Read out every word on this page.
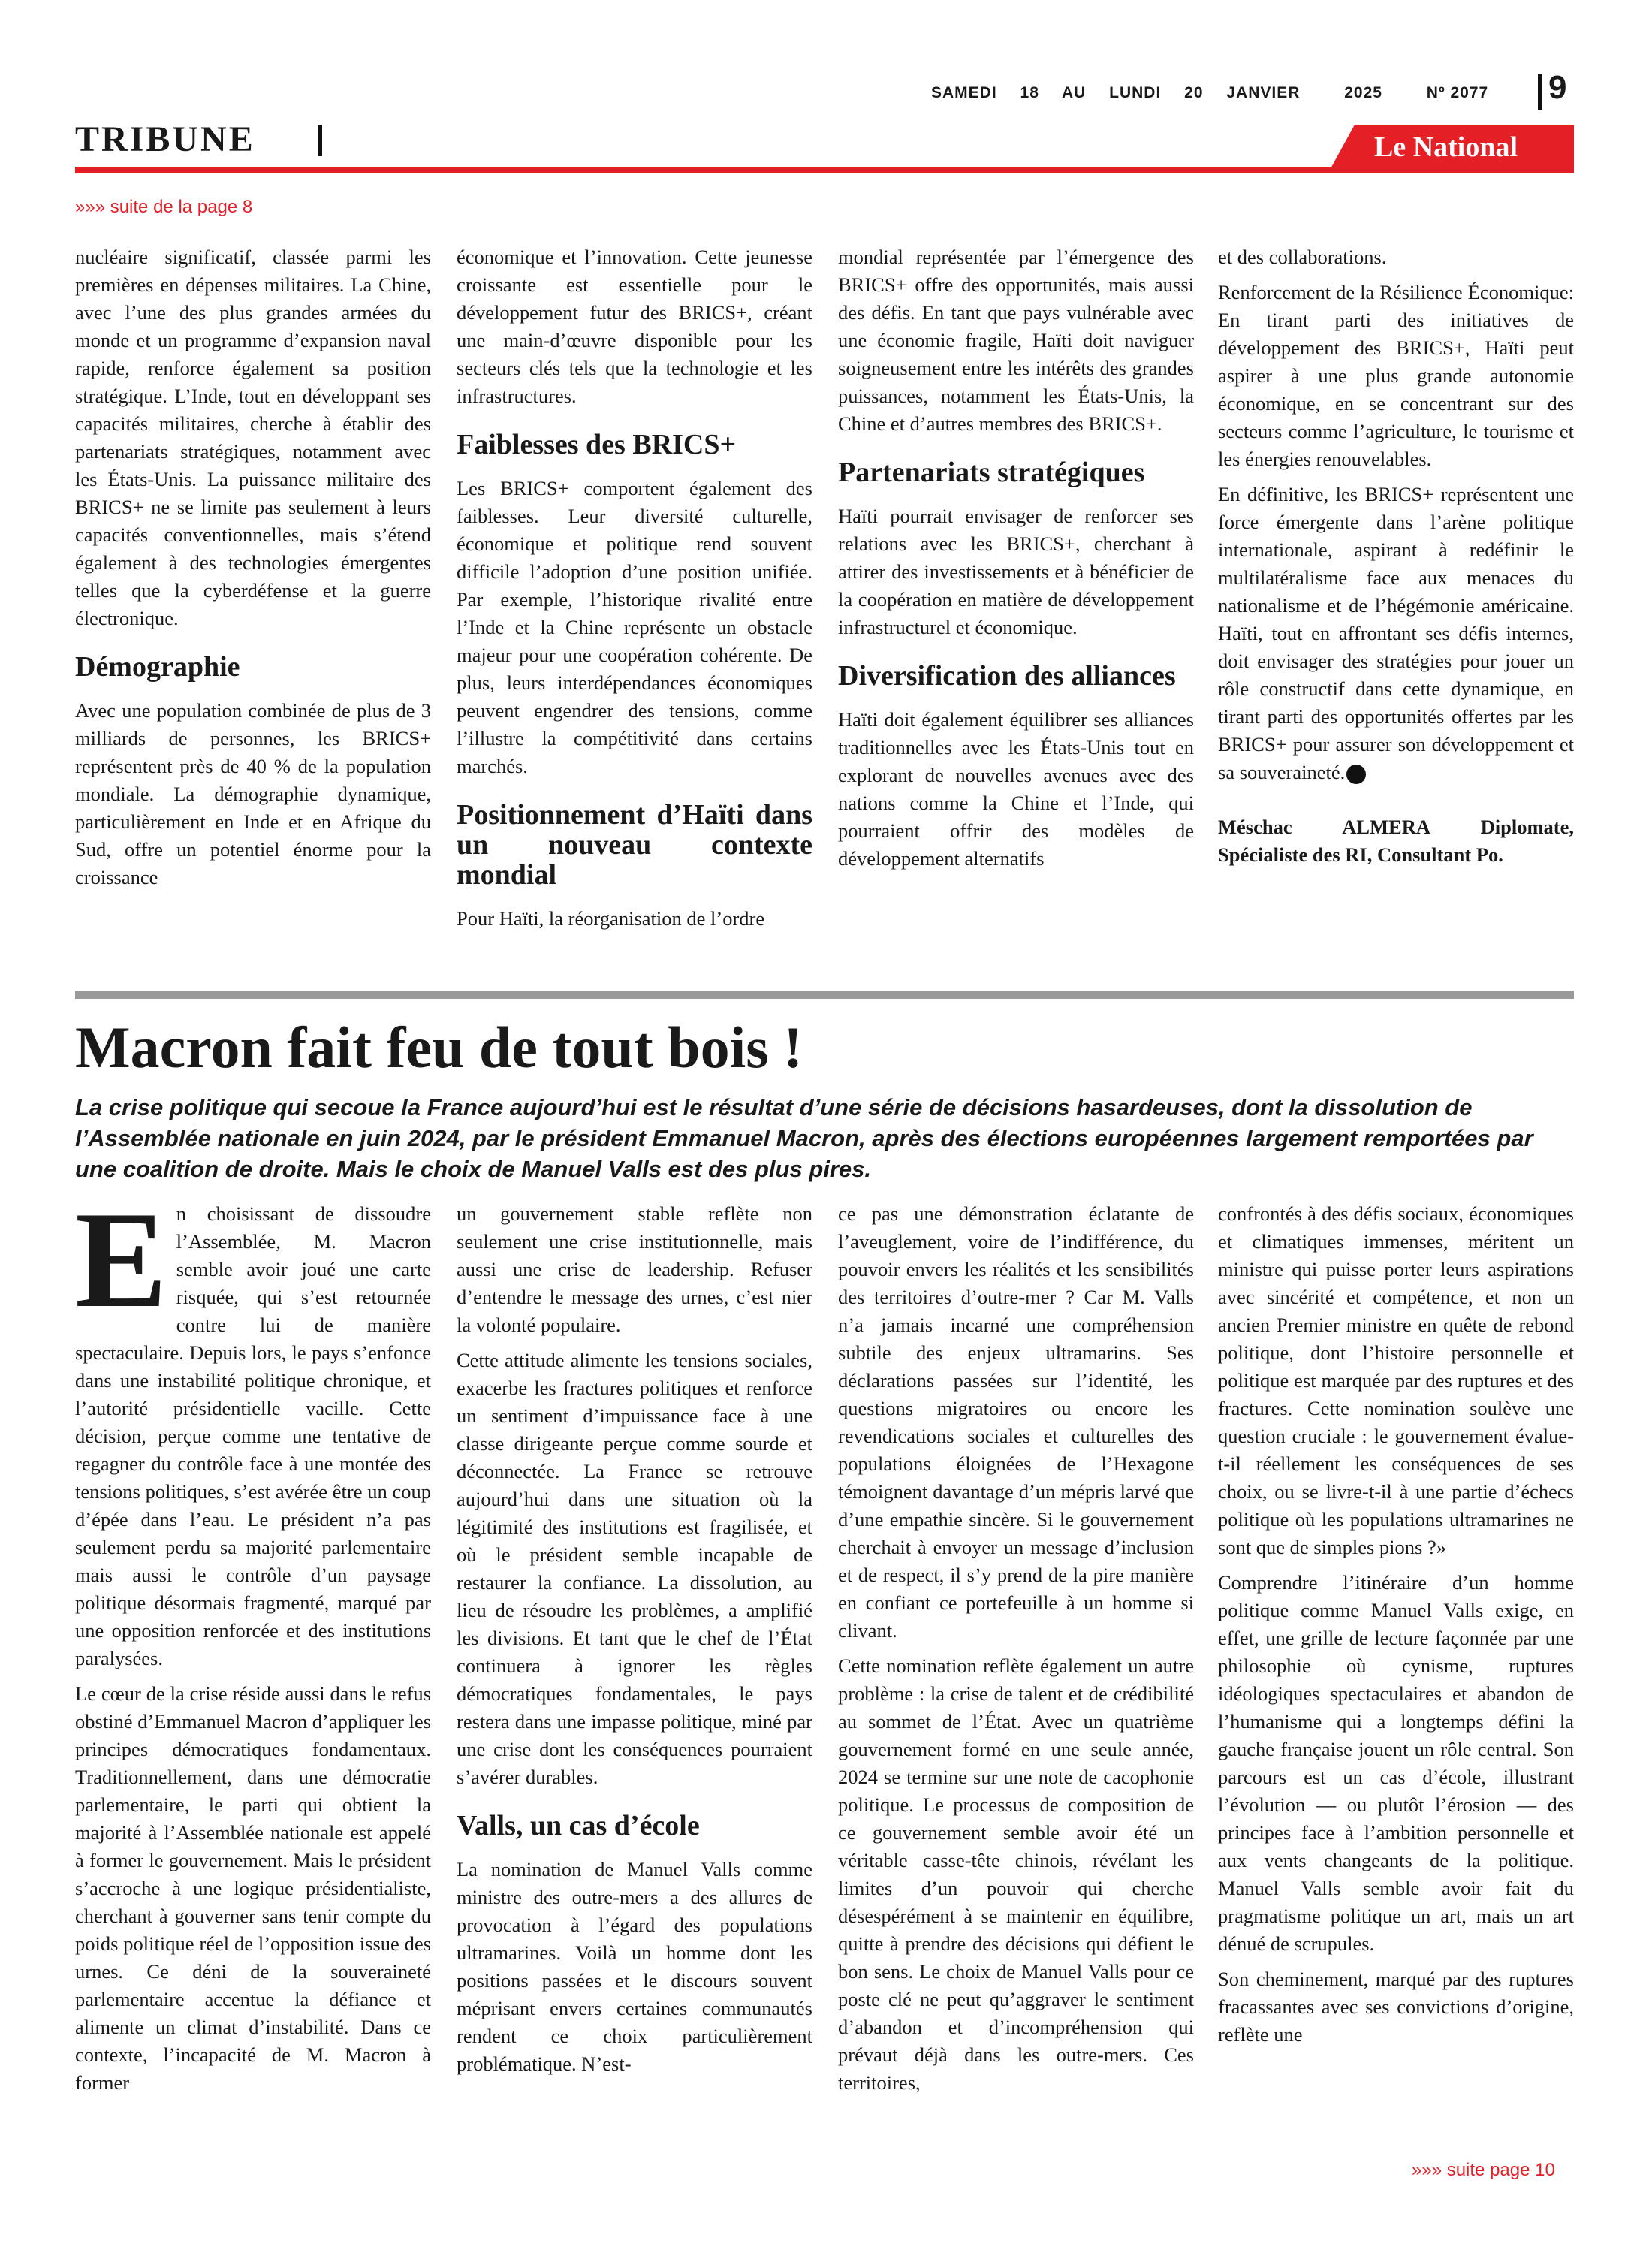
SAMEDI 18 AU LUNDI 20 JANVIER	2025	Nº 2077	9
TRIBUNE	Le National
»»» suite de la page 8

nucléaire significatif, classée parmi les premières en dépenses militaires. La Chine, avec l’une des plus grandes armées du monde et un programme d’expansion naval rapide, renforce également sa position stratégique. L’Inde, tout en développant ses capacités militaires, cherche à établir des partenariats stratégiques, notamment avec les États-Unis. La puissance militaire des BRICS+ ne se limite pas seulement à leurs capacités conventionnelles, mais s’étend également à des technologies émergentes telles que la cyberdéfense et la guerre électronique.

Démographie

Avec une population combinée de plus de 3 milliards de personnes, les BRICS+ représentent près de 40 % de la population mondiale. La démographie dynamique, particulièrement en Inde et en Afrique du Sud, offre un potentiel énorme pour la croissance

économique et l’innovation. Cette jeunesse croissante est essentielle pour le développement futur des BRICS+, créant une main-d’œuvre disponible pour les secteurs clés tels que la technologie et les infrastructures.

Faiblesses des BRICS+

Les BRICS+ comportent également des faiblesses. Leur diversité culturelle, économique et politique rend souvent difficile l’adoption d’une position unifiée. Par exemple, l’historique rivalité entre l’Inde et la Chine représente un obstacle majeur pour une coopération cohérente. De plus, leurs interdépendances économiques peuvent engendrer des tensions, comme l’illustre la compétitivité dans certains marchés.

Positionnement d’Haïti dans un nouveau contexte mondial

Pour Haïti, la réorganisation de l’ordre

mondial représentée par l’émergence des BRICS+ offre des opportunités, mais aussi des défis. En tant que pays vulnérable avec une économie fragile, Haïti doit naviguer soigneusement entre les intérêts des grandes puissances, notamment les États-Unis, la Chine et d’autres membres des BRICS+.

Partenariats stratégiques

Haïti pourrait envisager de renforcer ses relations avec les BRICS+, cherchant à attirer des investissements et à bénéficier de la coopération en matière de développement infrastructurel et économique.

Diversification des alliances

Haïti doit également équilibrer ses alliances traditionnelles avec les États-Unis tout en explorant de nouvelles avenues avec des nations comme la Chine et l’Inde, qui pourraient offrir des modèles de développement alternatifs

et des collaborations.

Renforcement de la Résilience Économique: En tirant parti des initiatives de développement des BRICS+, Haïti peut aspirer à une plus grande autonomie économique, en se concentrant sur des secteurs comme l’agriculture, le tourisme et les énergies renouvelables.

En définitive, les BRICS+ représentent une force émergente dans l’arène politique internationale, aspirant à redéfinir le multilatéralisme face aux menaces du nationalisme et de l’hégémonie américaine. Haïti, tout en affrontant ses défis internes, doit envisager des stratégies pour jouer un rôle constructif dans cette dynamique, en tirant parti des opportunités offertes par les BRICS+ pour assurer son développement et sa souveraineté.

Méschac ALMERA Diplomate, Spécialiste des RI, Consultant Po.

Macron fait feu de tout bois !
La crise politique qui secoue la France aujourd’hui est le résultat d’une série de décisions hasardeuses, dont la dissolution de l’Assemblée nationale en juin 2024, par le président Emmanuel Macron, après des élections européennes largement remportées par une coalition de droite. Mais le choix de Manuel Valls est des plus pires.

En choisissant de dissoudre l’Assemblée, M. Macron semble avoir joué une carte risquée, qui s’est retournée contre lui de manière spectaculaire. Depuis lors, le pays s’enfonce dans une instabilité politique chronique, et l’autorité présidentielle vacille. Cette décision, perçue comme une tentative de regagner du contrôle face à une montée des tensions politiques, s’est avérée être un coup d’épée dans l’eau. Le président n’a pas seulement perdu sa majorité parlementaire mais aussi le contrôle d’un paysage politique désormais fragmenté, marqué par une opposition renforcée et des institutions paralysées.

Le cœur de la crise réside aussi dans le refus obstiné d’Emmanuel Macron d’appliquer les principes démocratiques fondamentaux. Traditionnellement, dans une démocratie parlementaire, le parti qui obtient la majorité à l’Assemblée nationale est appelé à former le gouvernement. Mais le président s’accroche à une logique présidentialiste, cherchant à gouverner sans tenir compte du poids politique réel de l’opposition issue des urnes. Ce déni de la souveraineté parlementaire accentue la défiance et alimente un climat d’instabilité. Dans ce contexte, l’incapacité de M. Macron à former

un gouvernement stable reflète non seulement une crise institutionnelle, mais aussi une crise de leadership. Refuser d’entendre le message des urnes, c’est nier la volonté populaire.

Cette attitude alimente les tensions sociales, exacerbe les fractures politiques et renforce un sentiment d’impuissance face à une classe dirigeante perçue comme sourde et déconnectée. La France se retrouve aujourd’hui dans une situation où la légitimité des institutions est fragilisée, et où le président semble incapable de restaurer la confiance. La dissolution, au lieu de résoudre les problèmes, a amplifié les divisions. Et tant que le chef de l’État continuera à ignorer les règles démocratiques fondamentales, le pays restera dans une impasse politique, miné par une crise dont les conséquences pourraient s’avérer durables.

Valls, un cas d’école

La nomination de Manuel Valls comme ministre des outre-mers a des allures de provocation à l’égard des populations ultramarines. Voilà un homme dont les positions passées et le discours souvent méprisant envers certaines communautés rendent ce choix particulièrement problématique. N’est-

ce pas une démonstration éclatante de l’aveuglement, voire de l’indifférence, du pouvoir envers les réalités et les sensibilités des territoires d’outre-mer ? Car M. Valls n’a jamais incarné une compréhension subtile des enjeux ultramarins. Ses déclarations passées sur l’identité, les questions migratoires ou encore les revendications sociales et culturelles des populations éloignées de l’Hexagone témoignent davantage d’un mépris larvé que d’une empathie sincère. Si le gouvernement cherchait à envoyer un message d’inclusion et de respect, il s’y prend de la pire manière en confiant ce portefeuille à un homme si clivant.

Cette nomination reflète également un autre problème : la crise de talent et de crédibilité au sommet de l’État. Avec un quatrième gouvernement formé en une seule année, 2024 se termine sur une note de cacophonie politique. Le processus de composition de ce gouvernement semble avoir été un véritable casse-tête chinois, révélant les limites d’un pouvoir qui cherche désespérément à se maintenir en équilibre, quitte à prendre des décisions qui défient le bon sens. Le choix de Manuel Valls pour ce poste clé ne peut qu’aggraver le sentiment d’abandon et d’incompréhension qui prévaut déjà dans les outre-mers. Ces territoires,

confrontés à des défis sociaux, économiques et climatiques immenses, méritent un ministre qui puisse porter leurs aspirations avec sincérité et compétence, et non un ancien Premier ministre en quête de rebond politique, dont l’histoire personnelle et politique est marquée par des ruptures et des fractures. Cette nomination soulève une question cruciale : le gouvernement évalue-t-il réellement les conséquences de ses choix, ou se livre-t-il à une partie d’échecs politique où les populations ultramarines ne sont que de simples pions ?»

Comprendre l’itinéraire d’un homme politique comme Manuel Valls exige, en effet, une grille de lecture façonnée par une philosophie où cynisme, ruptures idéologiques spectaculaires et abandon de l’humanisme qui a longtemps défini la gauche française jouent un rôle central. Son parcours est un cas d’école, illustrant l’évolution — ou plutôt l’érosion — des principes face à l’ambition personnelle et aux vents changeants de la politique. Manuel Valls semble avoir fait du pragmatisme politique un art, mais un art dénué de scrupules.

Son cheminement, marqué par des ruptures fracassantes avec ses convictions d’origine, reflète une

»»» suite page 10
